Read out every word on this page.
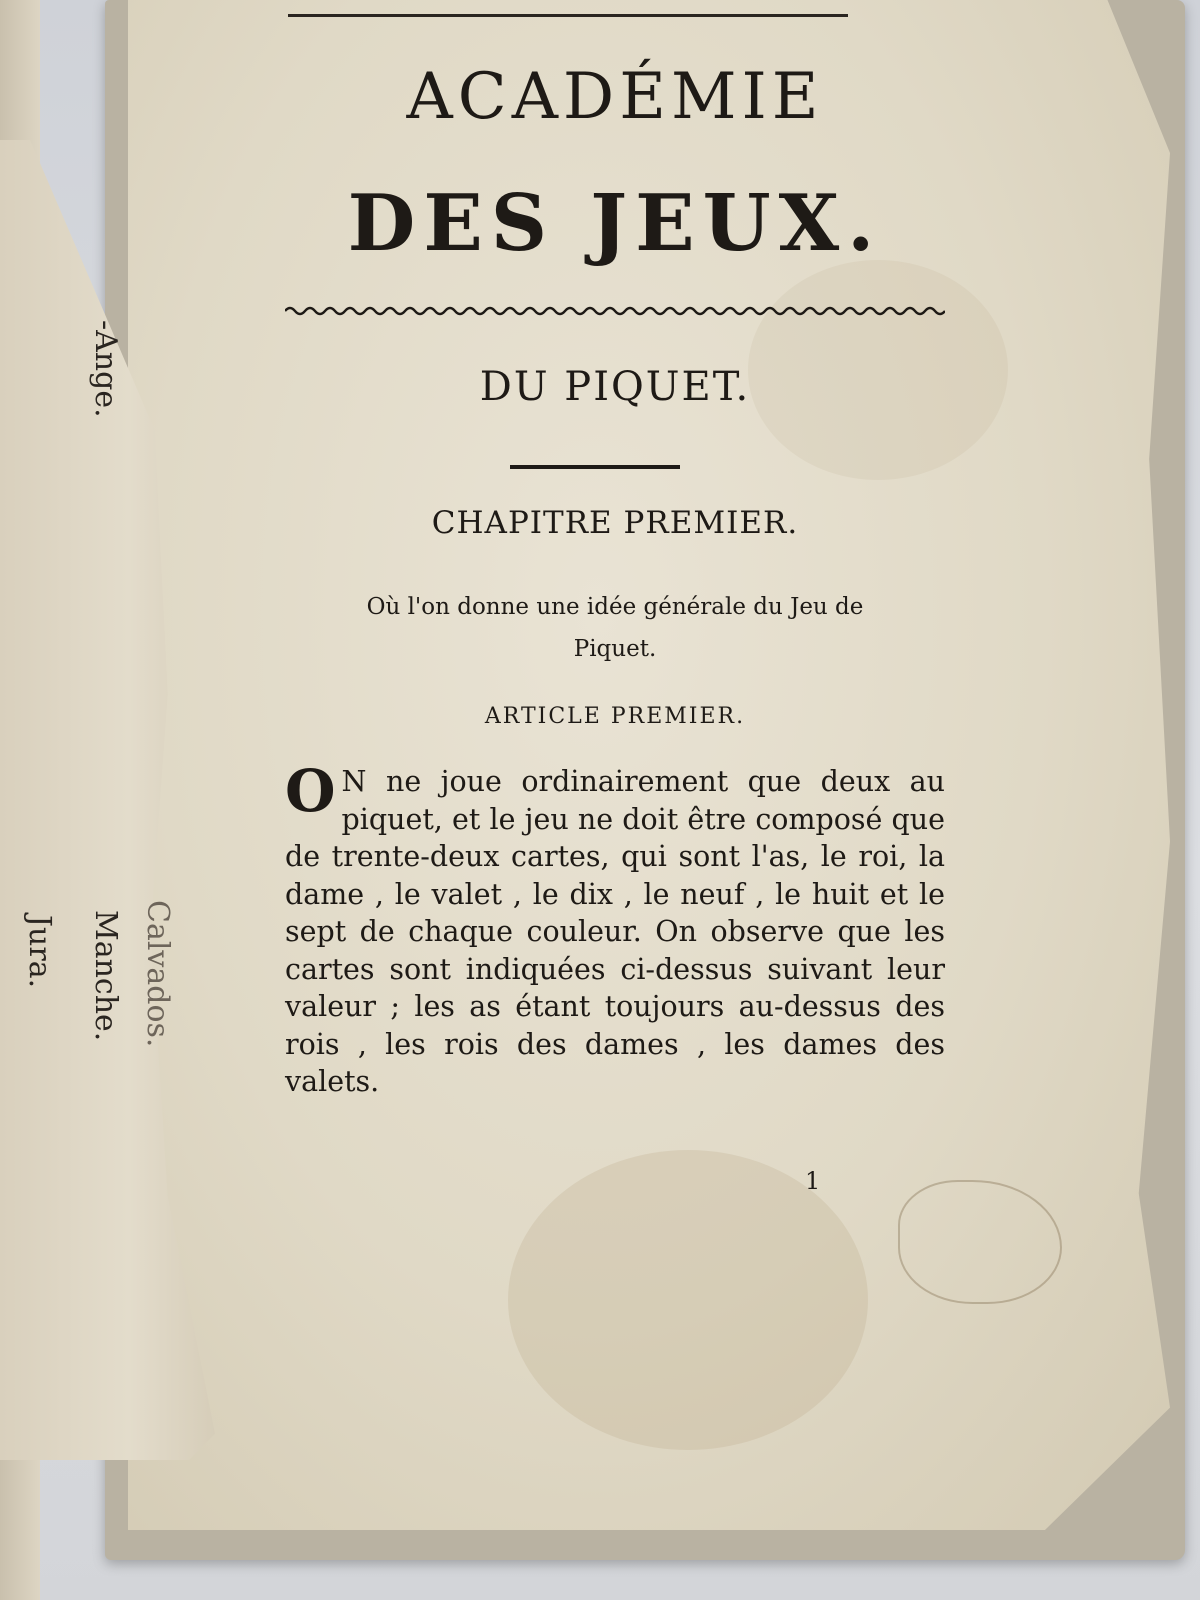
-Ange.
Calvados.
Manche.
Jura.
ACADÉMIE
DES JEUX.
DU PIQUET.
CHAPITRE PREMIER.
Où l'on donne une idée générale du Jeu de
Piquet.
ARTICLE PREMIER.
O N ne joue ordinairement que deux au piquet, et le jeu ne doit être composé que de trente-deux cartes, qui sont l'as, le roi, la dame , le valet , le dix , le neuf , le huit et le sept de chaque couleur. On observe que les cartes sont indiquées ci-dessus suivant leur valeur ; les as étant toujours au-dessus des rois , les rois des dames , les dames des valets.
1
